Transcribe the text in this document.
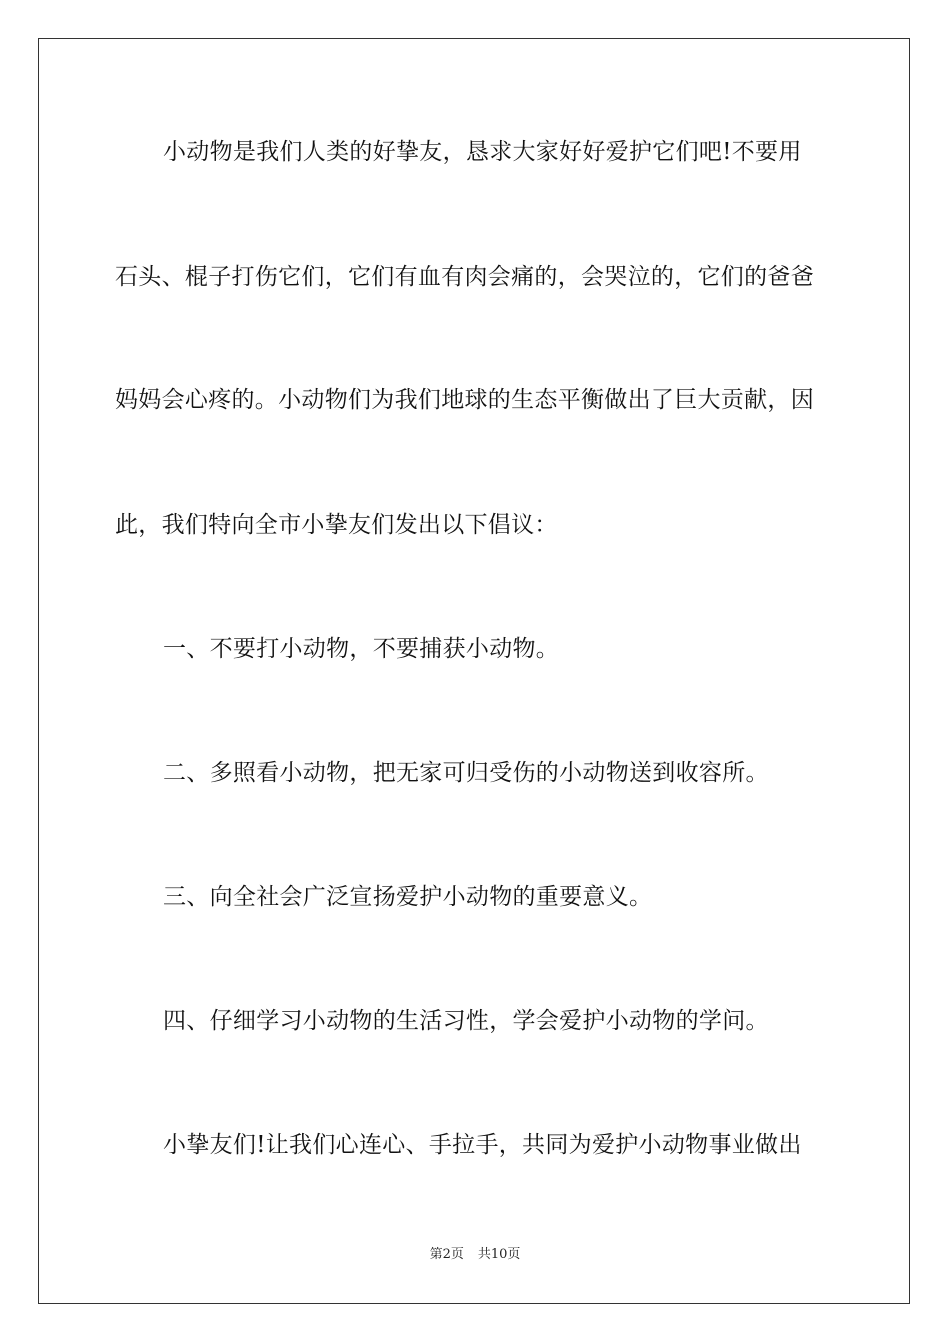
小动物是我们人类的好挚友，恳求大家好好爱护它们吧!不要用
石头、棍子打伤它们，它们有血有肉会痛的，会哭泣的，它们的爸爸
妈妈会心疼的。小动物们为我们地球的生态平衡做出了巨大贡献，因
此，我们特向全市小挚友们发出以下倡议：
一、不要打小动物，不要捕获小动物。
二、多照看小动物，把无家可归受伤的小动物送到收容所。
三、向全社会广泛宣扬爱护小动物的重要意义。
四、仔细学习小动物的生活习性，学会爱护小动物的学问。
小挚友们!让我们心连心、手拉手，共同为爱护小动物事业做出
第2页 共10页
